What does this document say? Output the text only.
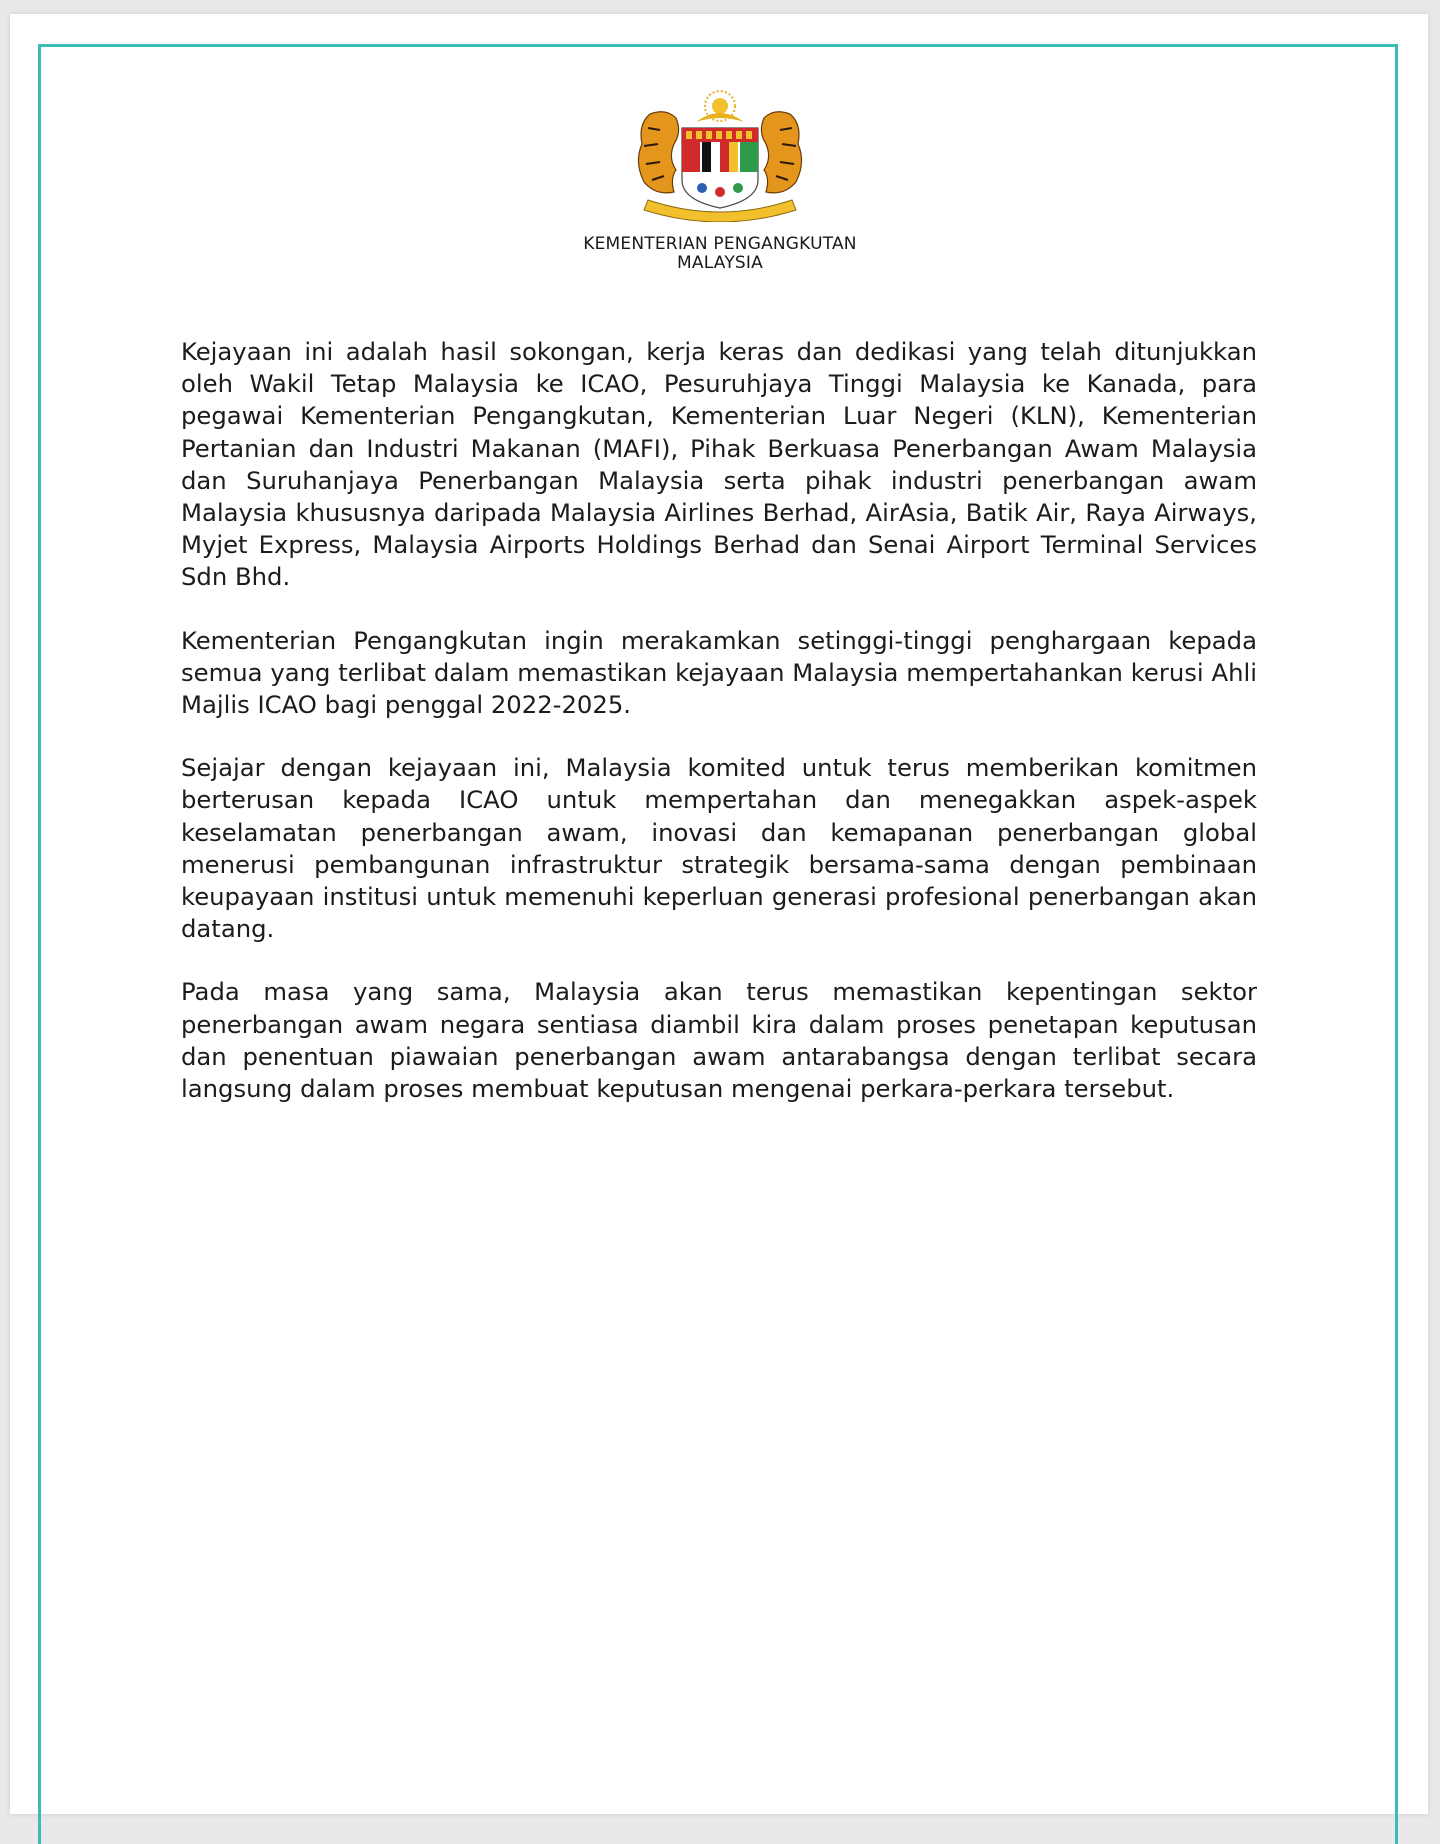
KEMENTERIAN PENGANGKUTAN
MALAYSIA

Kejayaan ini adalah hasil sokongan, kerja keras dan dedikasi yang telah ditunjukkan oleh Wakil Tetap Malaysia ke ICAO, Pesuruhjaya Tinggi Malaysia ke Kanada, para pegawai Kementerian Pengangkutan, Kementerian Luar Negeri (KLN), Kementerian Pertanian dan Industri Makanan (MAFI), Pihak Berkuasa Penerbangan Awam Malaysia dan Suruhanjaya Penerbangan Malaysia serta pihak industri penerbangan awam Malaysia khususnya daripada Malaysia Airlines Berhad, AirAsia, Batik Air, Raya Airways, Myjet Express, Malaysia Airports Holdings Berhad dan Senai Airport Terminal Services Sdn Bhd.

Kementerian Pengangkutan ingin merakamkan setinggi-tinggi penghargaan kepada semua yang terlibat dalam memastikan kejayaan Malaysia mempertahankan kerusi Ahli Majlis ICAO bagi penggal 2022-2025.

Sejajar dengan kejayaan ini, Malaysia komited untuk terus memberikan komitmen berterusan kepada ICAO untuk mempertahan dan menegakkan aspek-aspek keselamatan penerbangan awam, inovasi dan kemapanan penerbangan global menerusi pembangunan infrastruktur strategik bersama-sama dengan pembinaan keupayaan institusi untuk memenuhi keperluan generasi profesional penerbangan akan datang.

Pada masa yang sama, Malaysia akan terus memastikan kepentingan sektor penerbangan awam negara sentiasa diambil kira dalam proses penetapan keputusan dan penentuan piawaian penerbangan awam antarabangsa dengan terlibat secara langsung dalam proses membuat keputusan mengenai perkara-perkara tersebut.
